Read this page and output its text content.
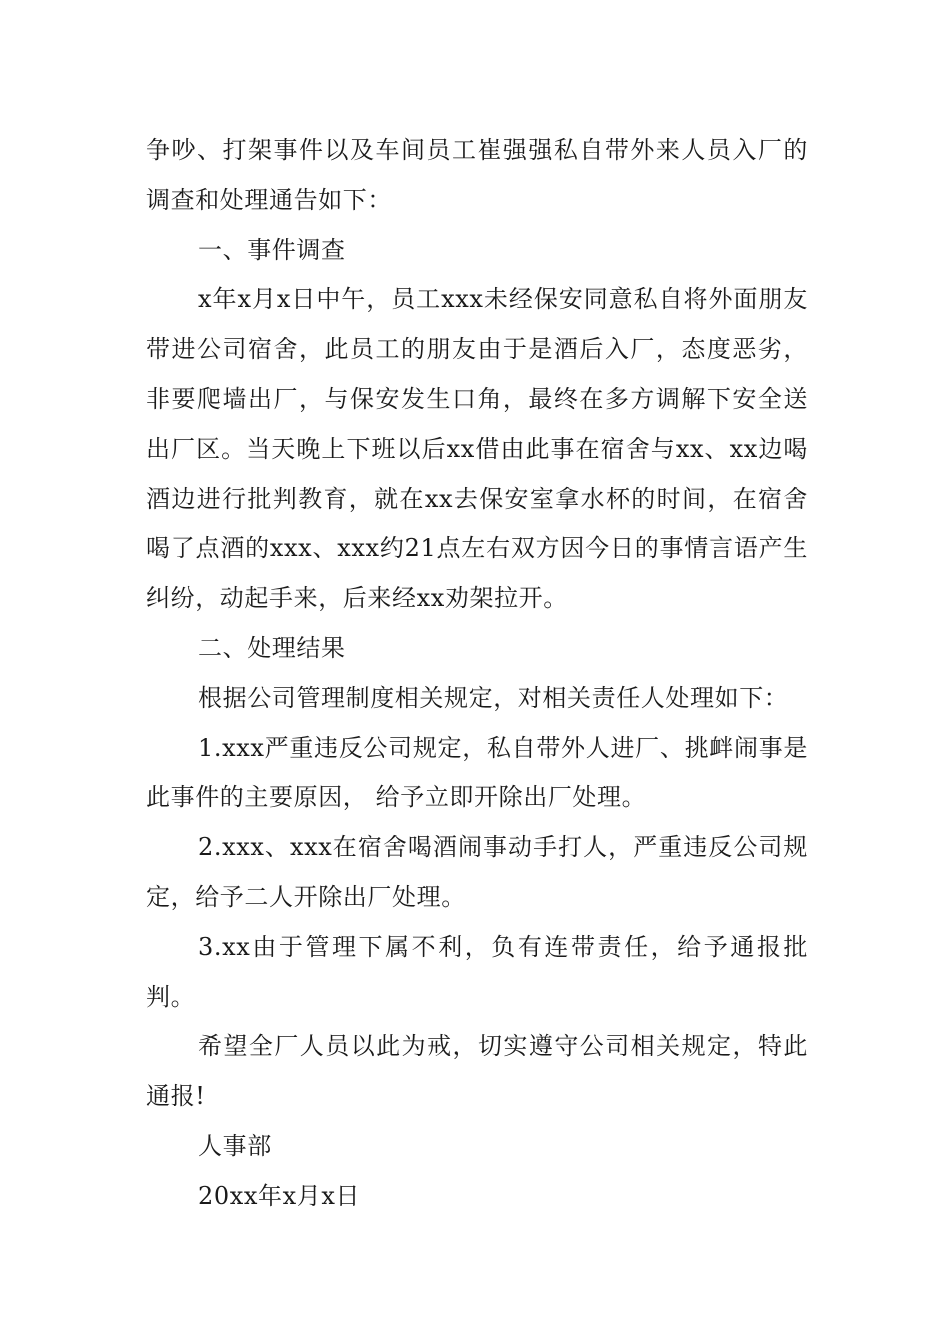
争吵、打架事件以及车间员工崔强强私自带外来人员入厂的调查和处理通告如下：

一、事件调查

x年x月x日中午，员工xxx未经保安同意私自将外面朋友带进公司宿舍，此员工的朋友由于是酒后入厂，态度恶劣，非要爬墙出厂，与保安发生口角，最终在多方调解下安全送出厂区。当天晚上下班以后xx借由此事在宿舍与xx、xx边喝酒边进行批判教育，就在xx去保安室拿水杯的时间，在宿舍喝了点酒的xxx、xxx约21点左右双方因今日的事情言语产生纠纷，动起手来，后来经xx劝架拉开。

二、处理结果

根据公司管理制度相关规定，对相关责任人处理如下：

1.xxx严重违反公司规定，私自带外人进厂、挑衅闹事是此事件的主要原因， 给予立即开除出厂处理。

2.xxx、xxx在宿舍喝酒闹事动手打人，严重违反公司规定，给予二人开除出厂处理。

3.xx由于管理下属不利，负有连带责任，给予通报批判。

希望全厂人员以此为戒，切实遵守公司相关规定，特此通报!

人事部

20xx年x月x日
